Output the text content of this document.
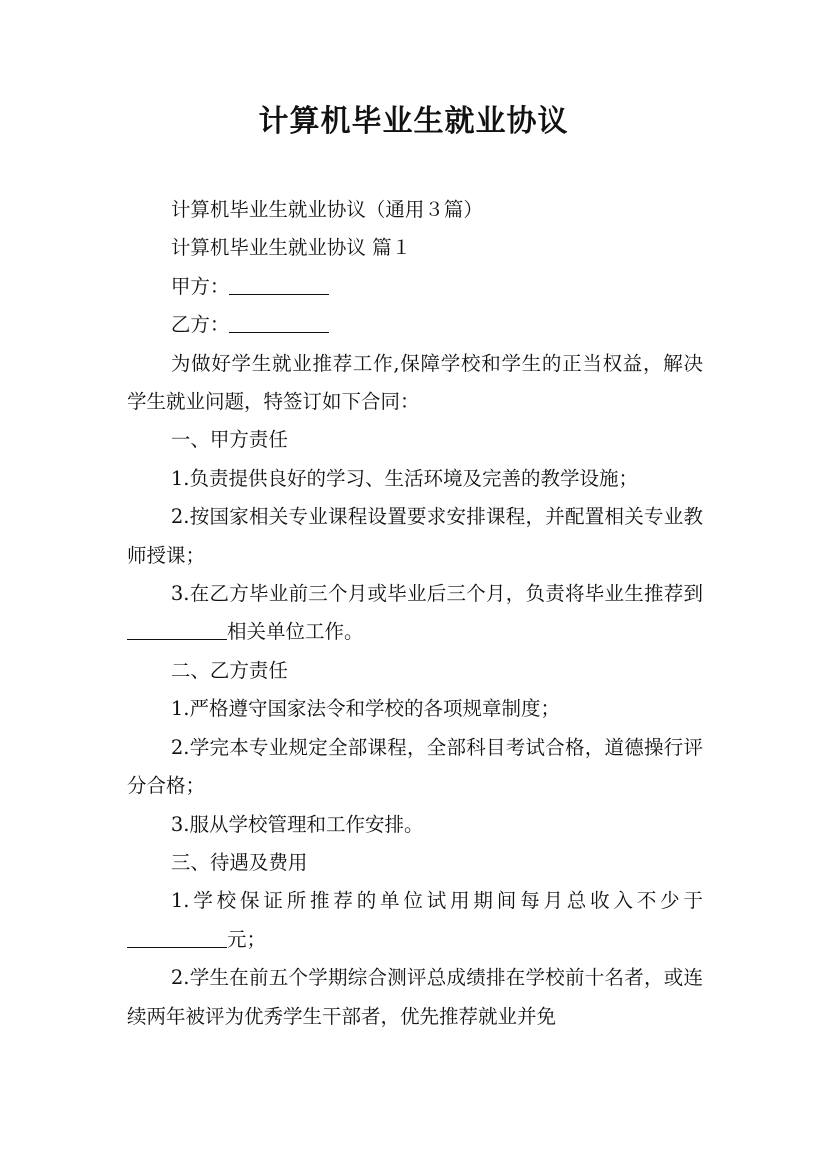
计算机毕业生就业协议

计算机毕业生就业协议（通用３篇）

计算机毕业生就业协议 篇１

甲方：

乙方：

为做好学生就业推荐工作,保障学校和学生的正当权益，解决学生就业问题，特签订如下合同：

一、甲方责任

1.负责提供良好的学习、生活环境及完善的教学设施；

2.按国家相关专业课程设置要求安排课程，并配置相关专业教师授课；

3.在乙方毕业前三个月或毕业后三个月，负责将毕业生推荐到相关单位工作。

二、乙方责任

1.严格遵守国家法令和学校的各项规章制度；

2.学完本专业规定全部课程，全部科目考试合格，道德操行评分合格；

3.服从学校管理和工作安排。

三、待遇及费用

1.学校保证所推荐的单位试用期间每月总收入不少于元；

2.学生在前五个学期综合测评总成绩排在学校前十名者，或连续两年被评为优秀学生干部者，优先推荐就业并免
